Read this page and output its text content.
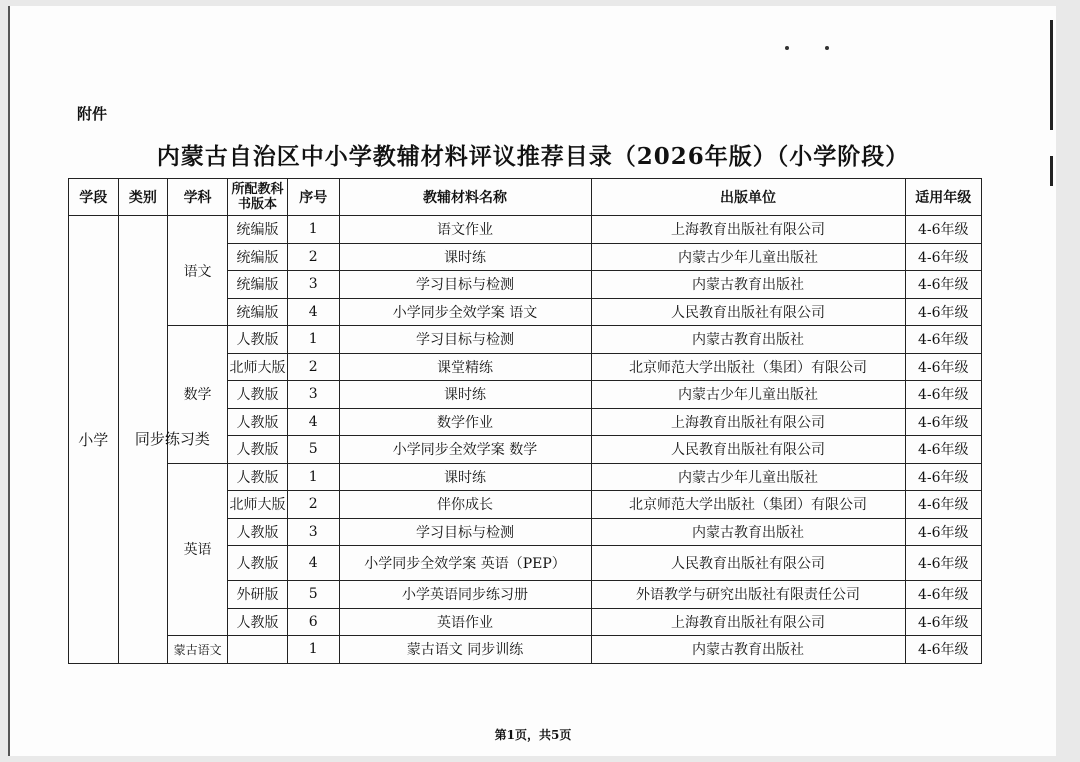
附件
内蒙古自治区中小学教辅材料评议推荐目录（2026年版）（小学阶段）
学段	类别	学科	所配教科书版本	序号	教辅材料名称	出版单位	适用年级
小学	同步练习类	语文	统编版	1	语文作业	上海教育出版社有限公司	4-6年级
			统编版	2	课时练	内蒙古少年儿童出版社	4-6年级
			统编版	3	学习目标与检测	内蒙古教育出版社	4-6年级
			统编版	4	小学同步全效学案 语文	人民教育出版社有限公司	4-6年级
		数学	人教版	1	学习目标与检测	内蒙古教育出版社	4-6年级
			北师大版	2	课堂精练	北京师范大学出版社（集团）有限公司	4-6年级
			人教版	3	课时练	内蒙古少年儿童出版社	4-6年级
			人教版	4	数学作业	上海教育出版社有限公司	4-6年级
			人教版	5	小学同步全效学案 数学	人民教育出版社有限公司	4-6年级
		英语	人教版	1	课时练	内蒙古少年儿童出版社	4-6年级
			北师大版	2	伴你成长	北京师范大学出版社（集团）有限公司	4-6年级
			人教版	3	学习目标与检测	内蒙古教育出版社	4-6年级
			人教版	4	小学同步全效学案 英语（PEP）	人民教育出版社有限公司	4-6年级
			外研版	5	小学英语同步练习册	外语教学与研究出版社有限责任公司	4-6年级
			人教版	6	英语作业	上海教育出版社有限公司	4-6年级
		蒙古语文		1	蒙古语文 同步训练	内蒙古教育出版社	4-6年级
第1页，共5页
